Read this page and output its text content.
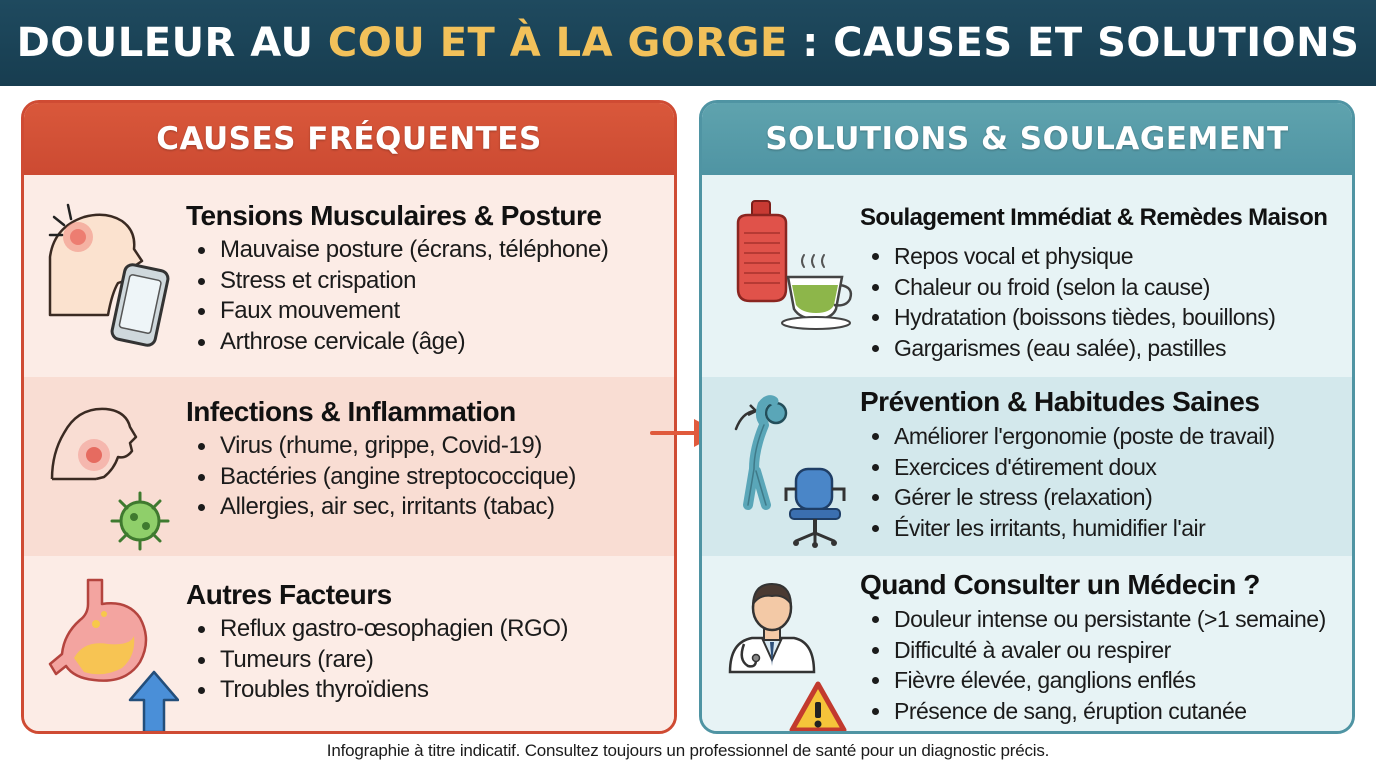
DOULEUR AU COU ET À LA GORGE : CAUSES ET SOLUTIONS
CAUSES FRÉQUENTES
Tensions Musculaires & Posture
Mauvaise posture (écrans, téléphone)
Stress et crispation
Faux mouvement
Arthrose cervicale (âge)
Infections & Inflammation
Virus (rhume, grippe, Covid-19)
Bactéries (angine streptococcique)
Allergies, air sec, irritants (tabac)
Autres Facteurs
Reflux gastro-œsophagien (RGO)
Tumeurs (rare)
Troubles thyroïdiens
SOLUTIONS & SOULAGEMENT
Soulagement Immédiat & Remèdes Maison
Repos vocal et physique
Chaleur ou froid (selon la cause)
Hydratation (boissons tièdes, bouillons)
Gargarismes (eau salée), pastilles
Prévention & Habitudes Saines
Améliorer l'ergonomie (poste de travail)
Exercices d'étirement doux
Gérer le stress (relaxation)
Éviter les irritants, humidifier l'air
Quand Consulter un Médecin ?
Douleur intense ou persistante (>1 semaine)
Difficulté à avaler ou respirer
Fièvre élevée, ganglions enflés
Présence de sang, éruption cutanée
Infographie à titre indicatif. Consultez toujours un professionnel de santé pour un diagnostic précis.
